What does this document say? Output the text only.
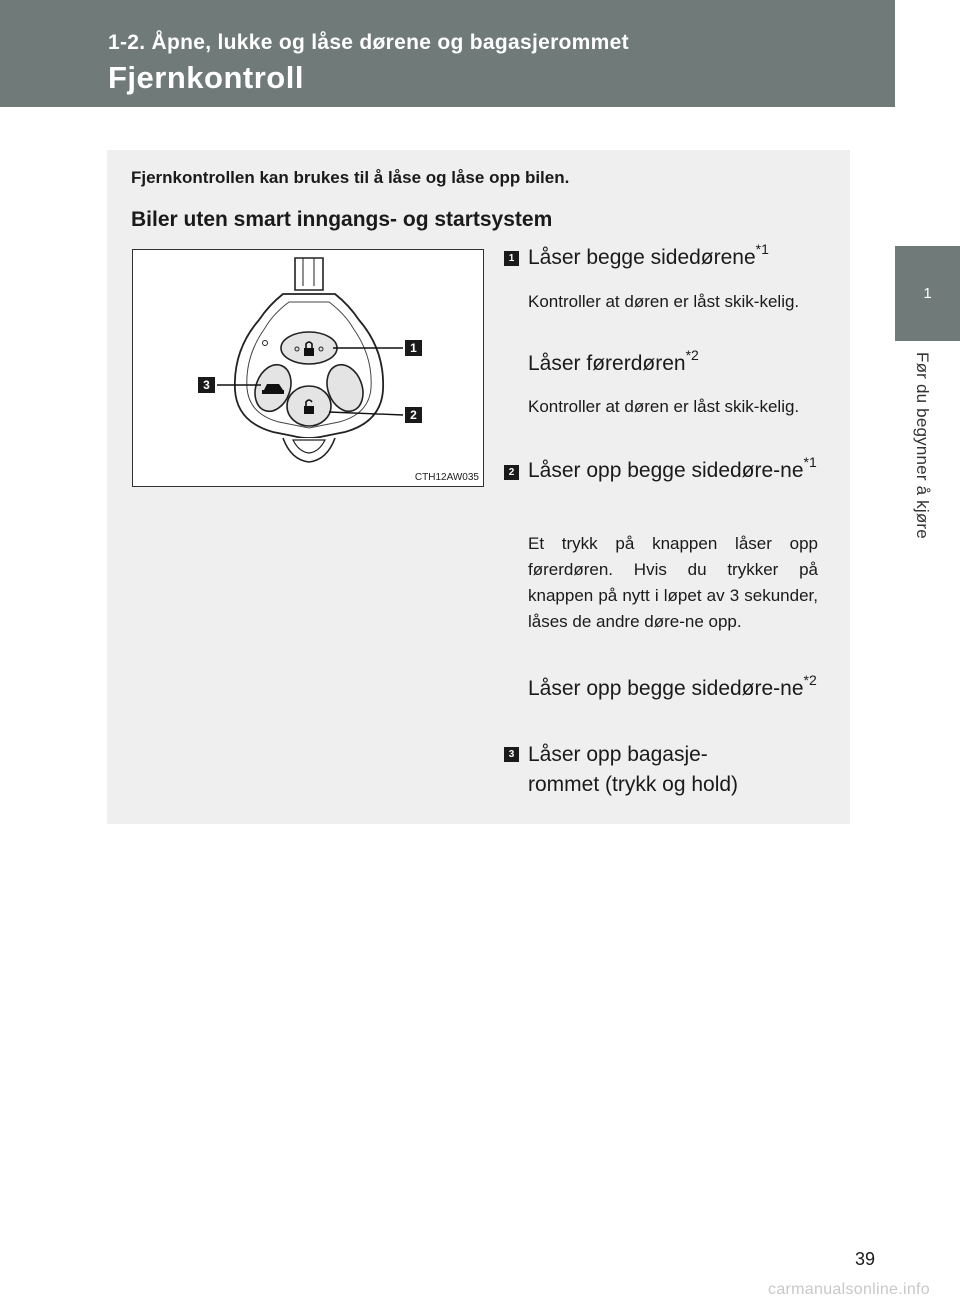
1-2. Åpne, lukke og låse dørene og bagasjerommet
Fjernkontroll
1
Før du begynner å kjøre
Fjernkontrollen kan brukes til å låse og låse opp bilen.
Biler uten smart inngangs- og startsystem
1
3
2
CTH12AW035
1 Låser begge sidedørene$^{*1}$
Kontroller at døren er låst skik-kelig.
Låser førerdøren$^{*2}$
Kontroller at døren er låst skik-kelig.
2 Låser opp begge sidedøre-$ne^{*1}$
Et trykk på knappen låser opp førerdøren. Hvis du trykker på knappen på nytt i løpet av 3 sekunder, låses de andre døre-ne opp.
Låser opp begge sidedøre-$ne^{*2}$
3 Låser opp bagasje-rommet (trykk og hold)
39
carmanualsonline.info
